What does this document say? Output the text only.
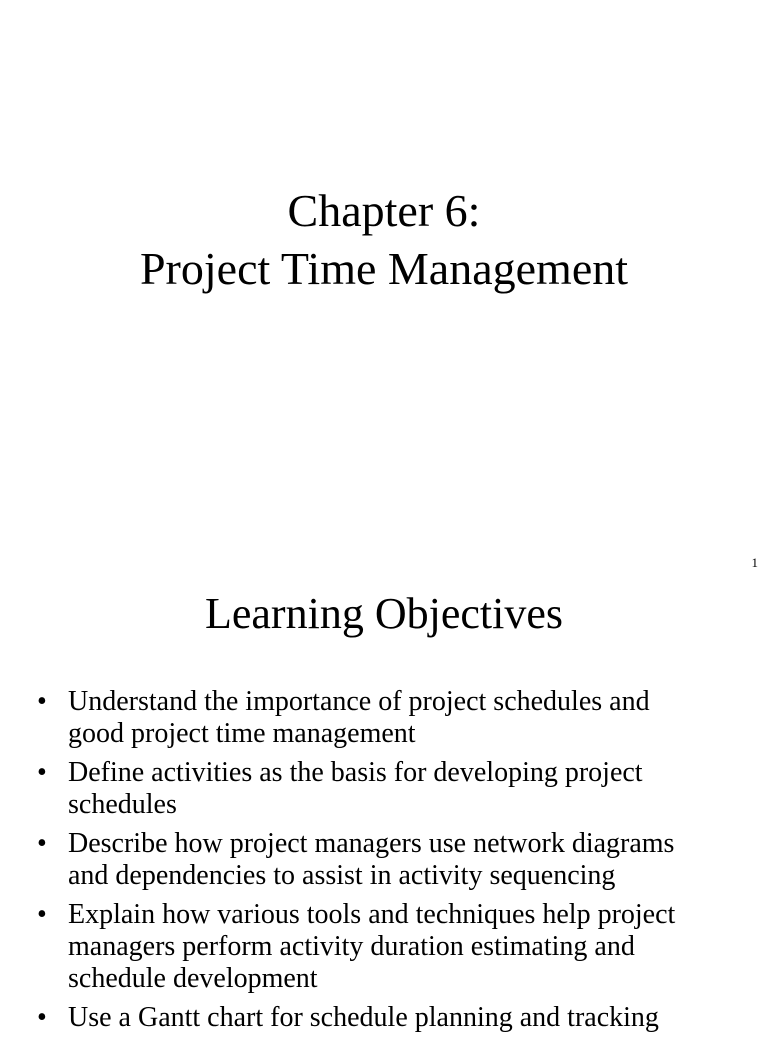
Chapter 6:
Project Time Management
1
Learning Objectives
• Understand the importance of project schedules and
good project time management
• Define activities as the basis for developing project
schedules
• Describe how project managers use network diagrams
and dependencies to assist in activity sequencing
• Explain how various tools and techniques help project
managers perform activity duration estimating and
schedule development
• Use a Gantt chart for schedule planning and tracking
